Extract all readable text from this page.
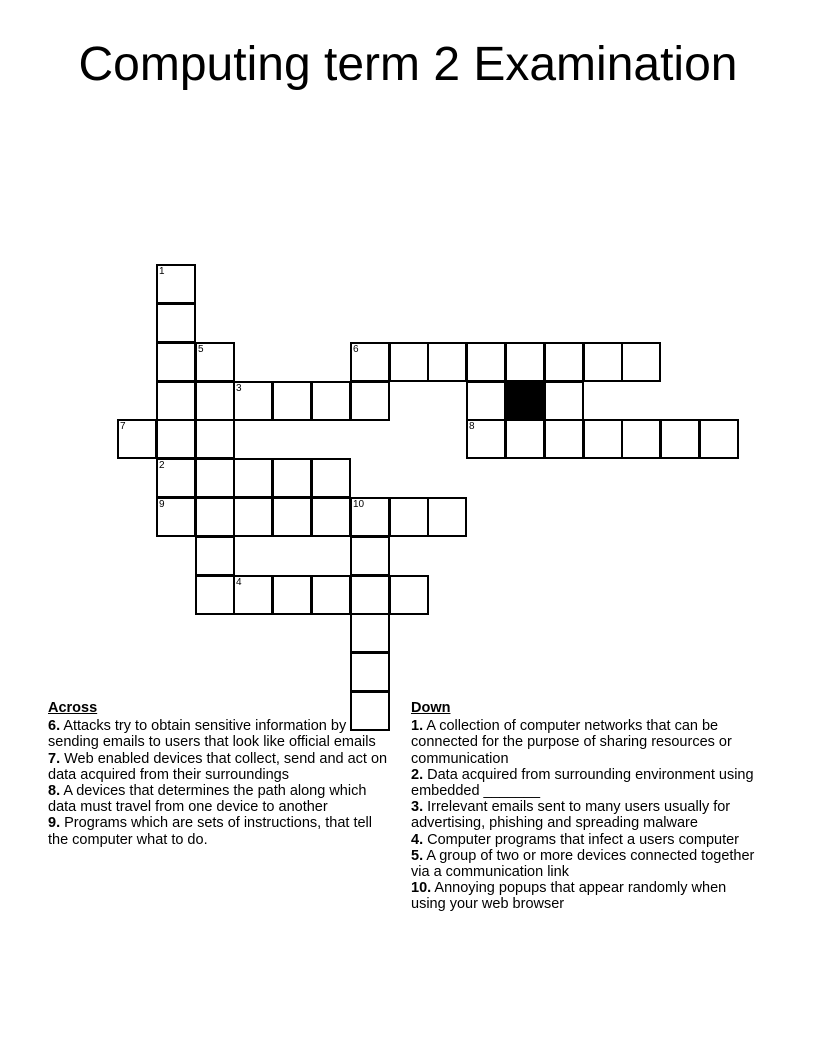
Computing term 2 Examination
1
2
9
3
4
5	6
7	8
10
Across
6. Attacks try to obtain sensitive information by sending emails to users that look like official emails
7. Web enabled devices that collect, send and act on data acquired from their surroundings
8. A devices that determines the path along which data must travel from one device to another
9. Programs which are sets of instructions, that tell the computer what to do.
Down
1. A collection of computer networks that can be connected for the purpose of sharing resources or communication
2. Data acquired from surrounding environment using embedded _______
3. Irrelevant emails sent to many users usually for advertising, phishing and spreading malware
4. Computer programs that infect a users computer
5. A group of two or more devices connected together via a communication link
10. Annoying popups that appear randomly when using your web browser
